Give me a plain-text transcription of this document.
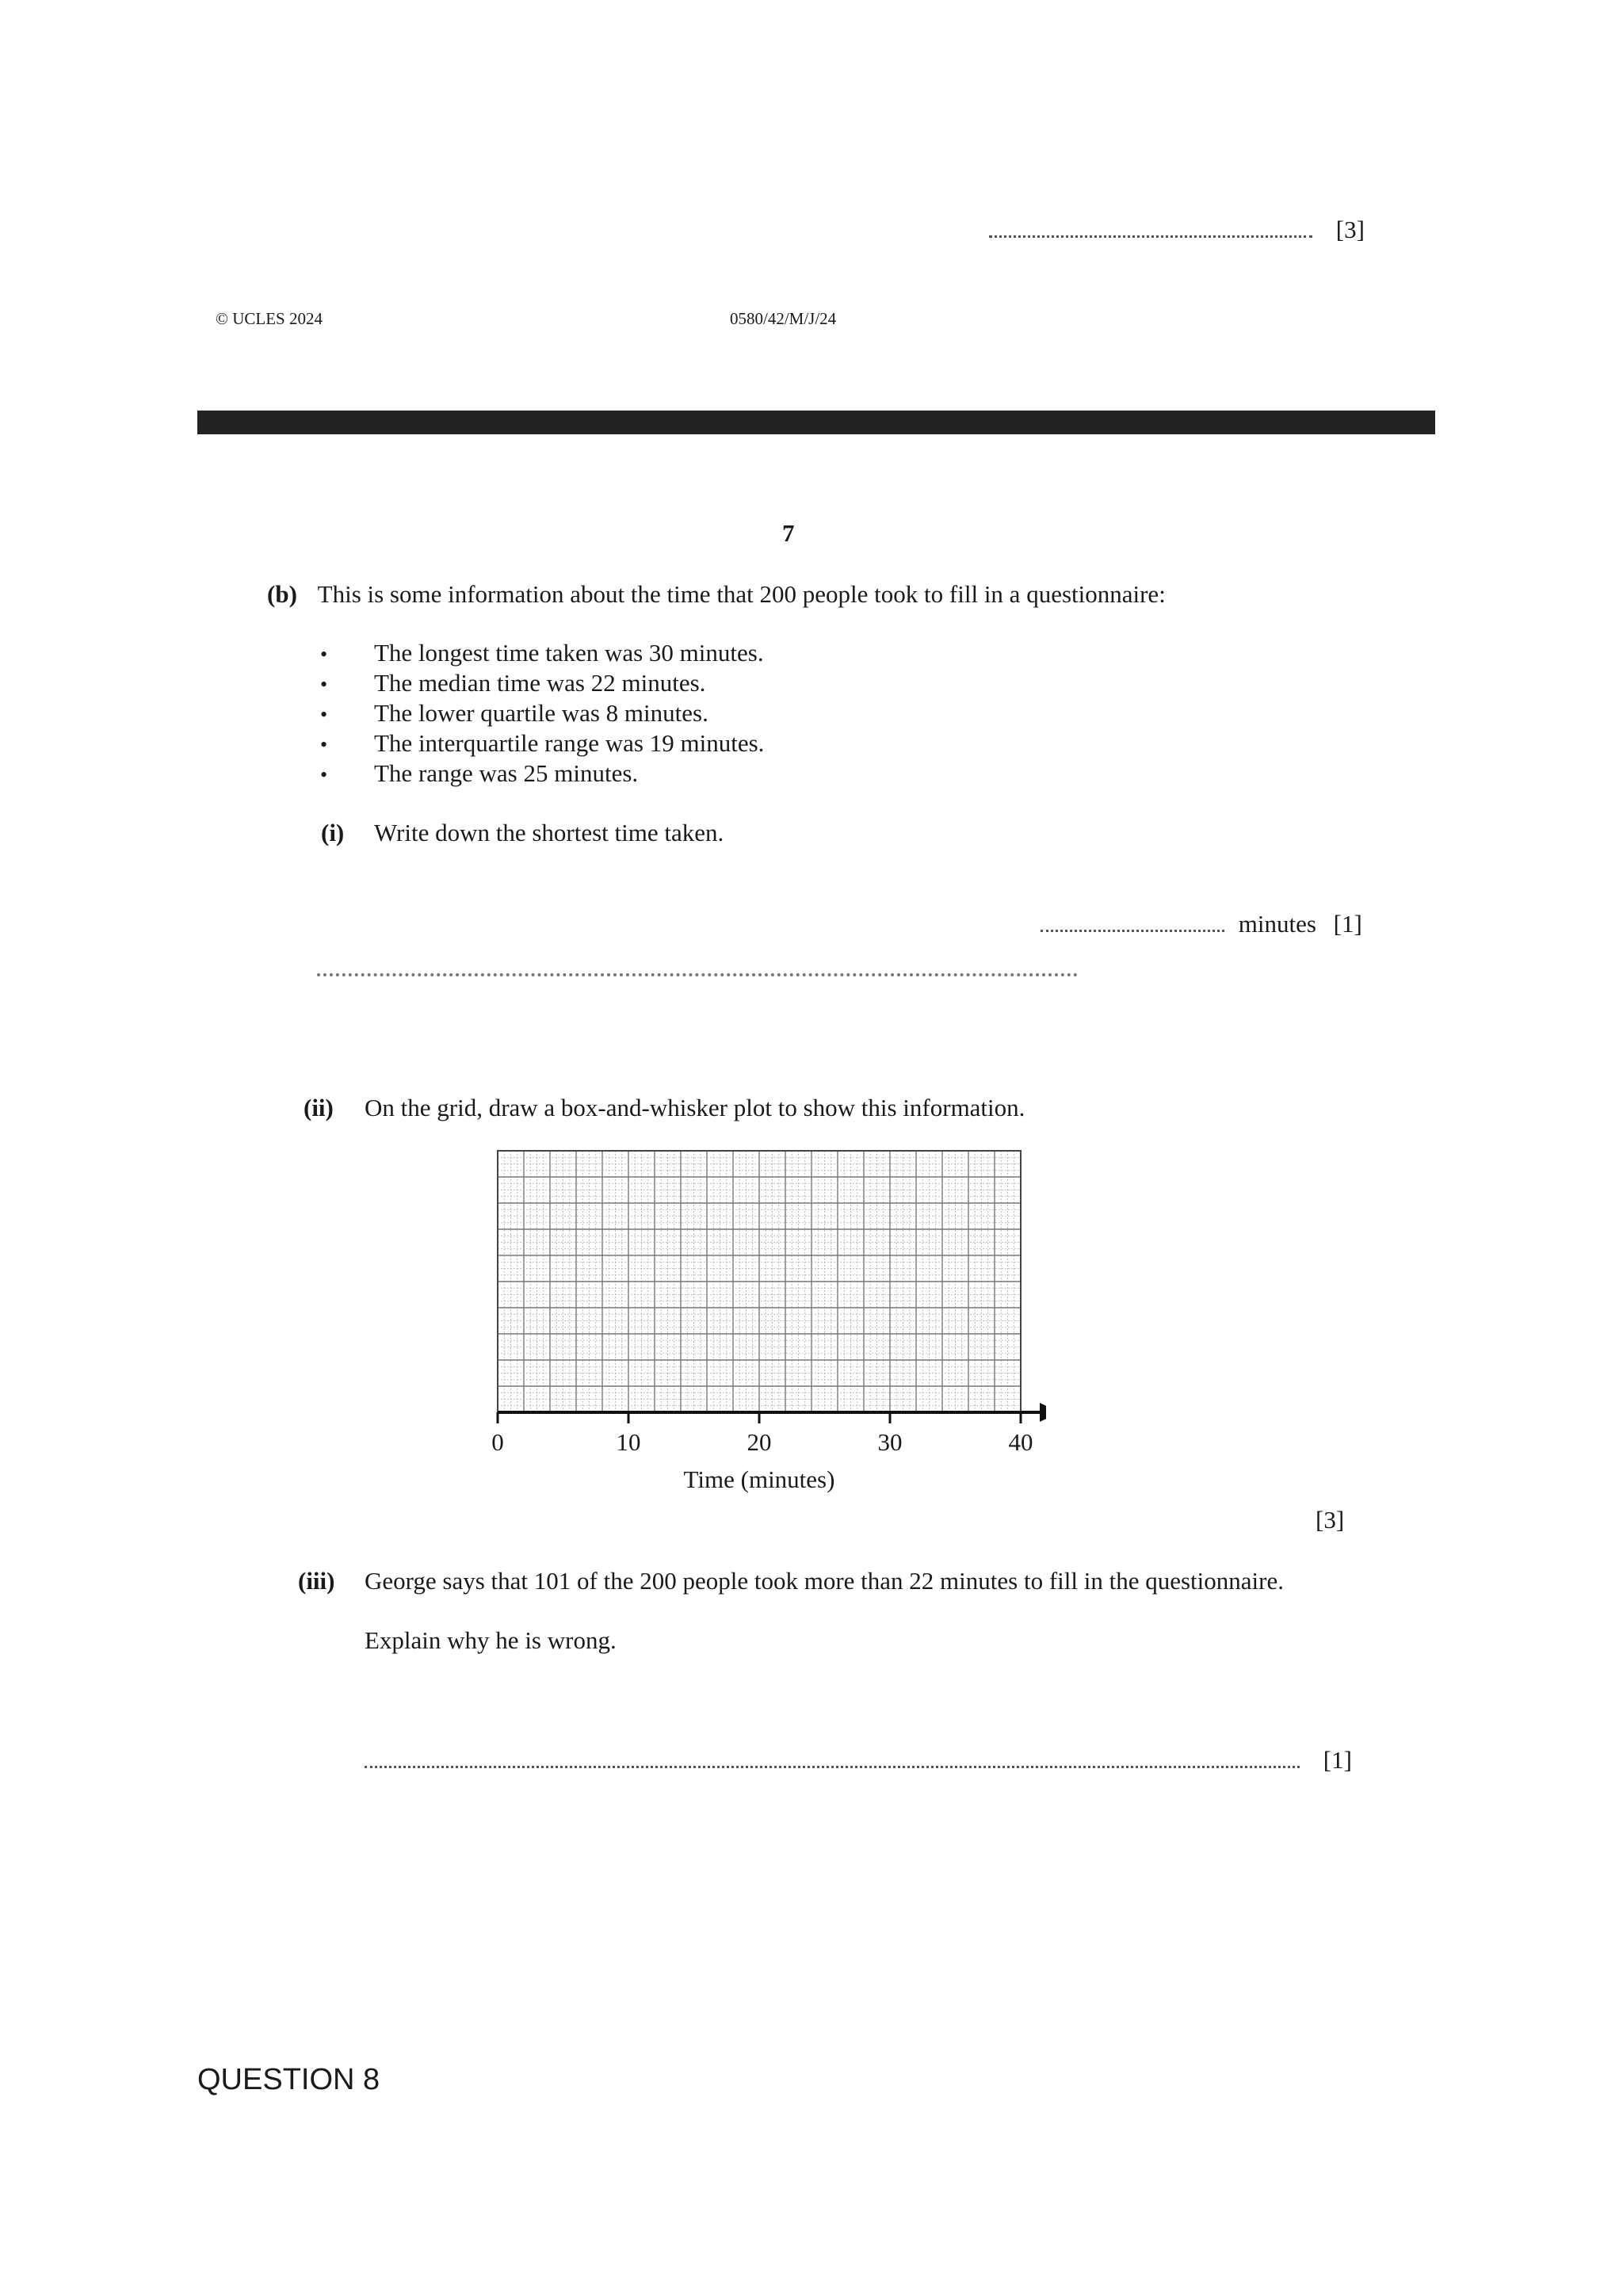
[3]
© UCLES 2024	0580/42/M/J/24
7
(b) This is some information about the time that 200 people took to fill in a questionnaire:
• The longest time taken was 30 minutes.
• The median time was 22 minutes.
• The lower quartile was 8 minutes.
• The interquartile range was 19 minutes.
• The range was 25 minutes.
(i) Write down the shortest time taken.
minutes [1]
(ii) On the grid, draw a box-and-whisker plot to show this information.
0	10	20	30	40
Time (minutes)
[3]
(iii) George says that 101 of the 200 people took more than 22 minutes to fill in the questionnaire.
Explain why he is wrong.
[1]
QUESTION 8
